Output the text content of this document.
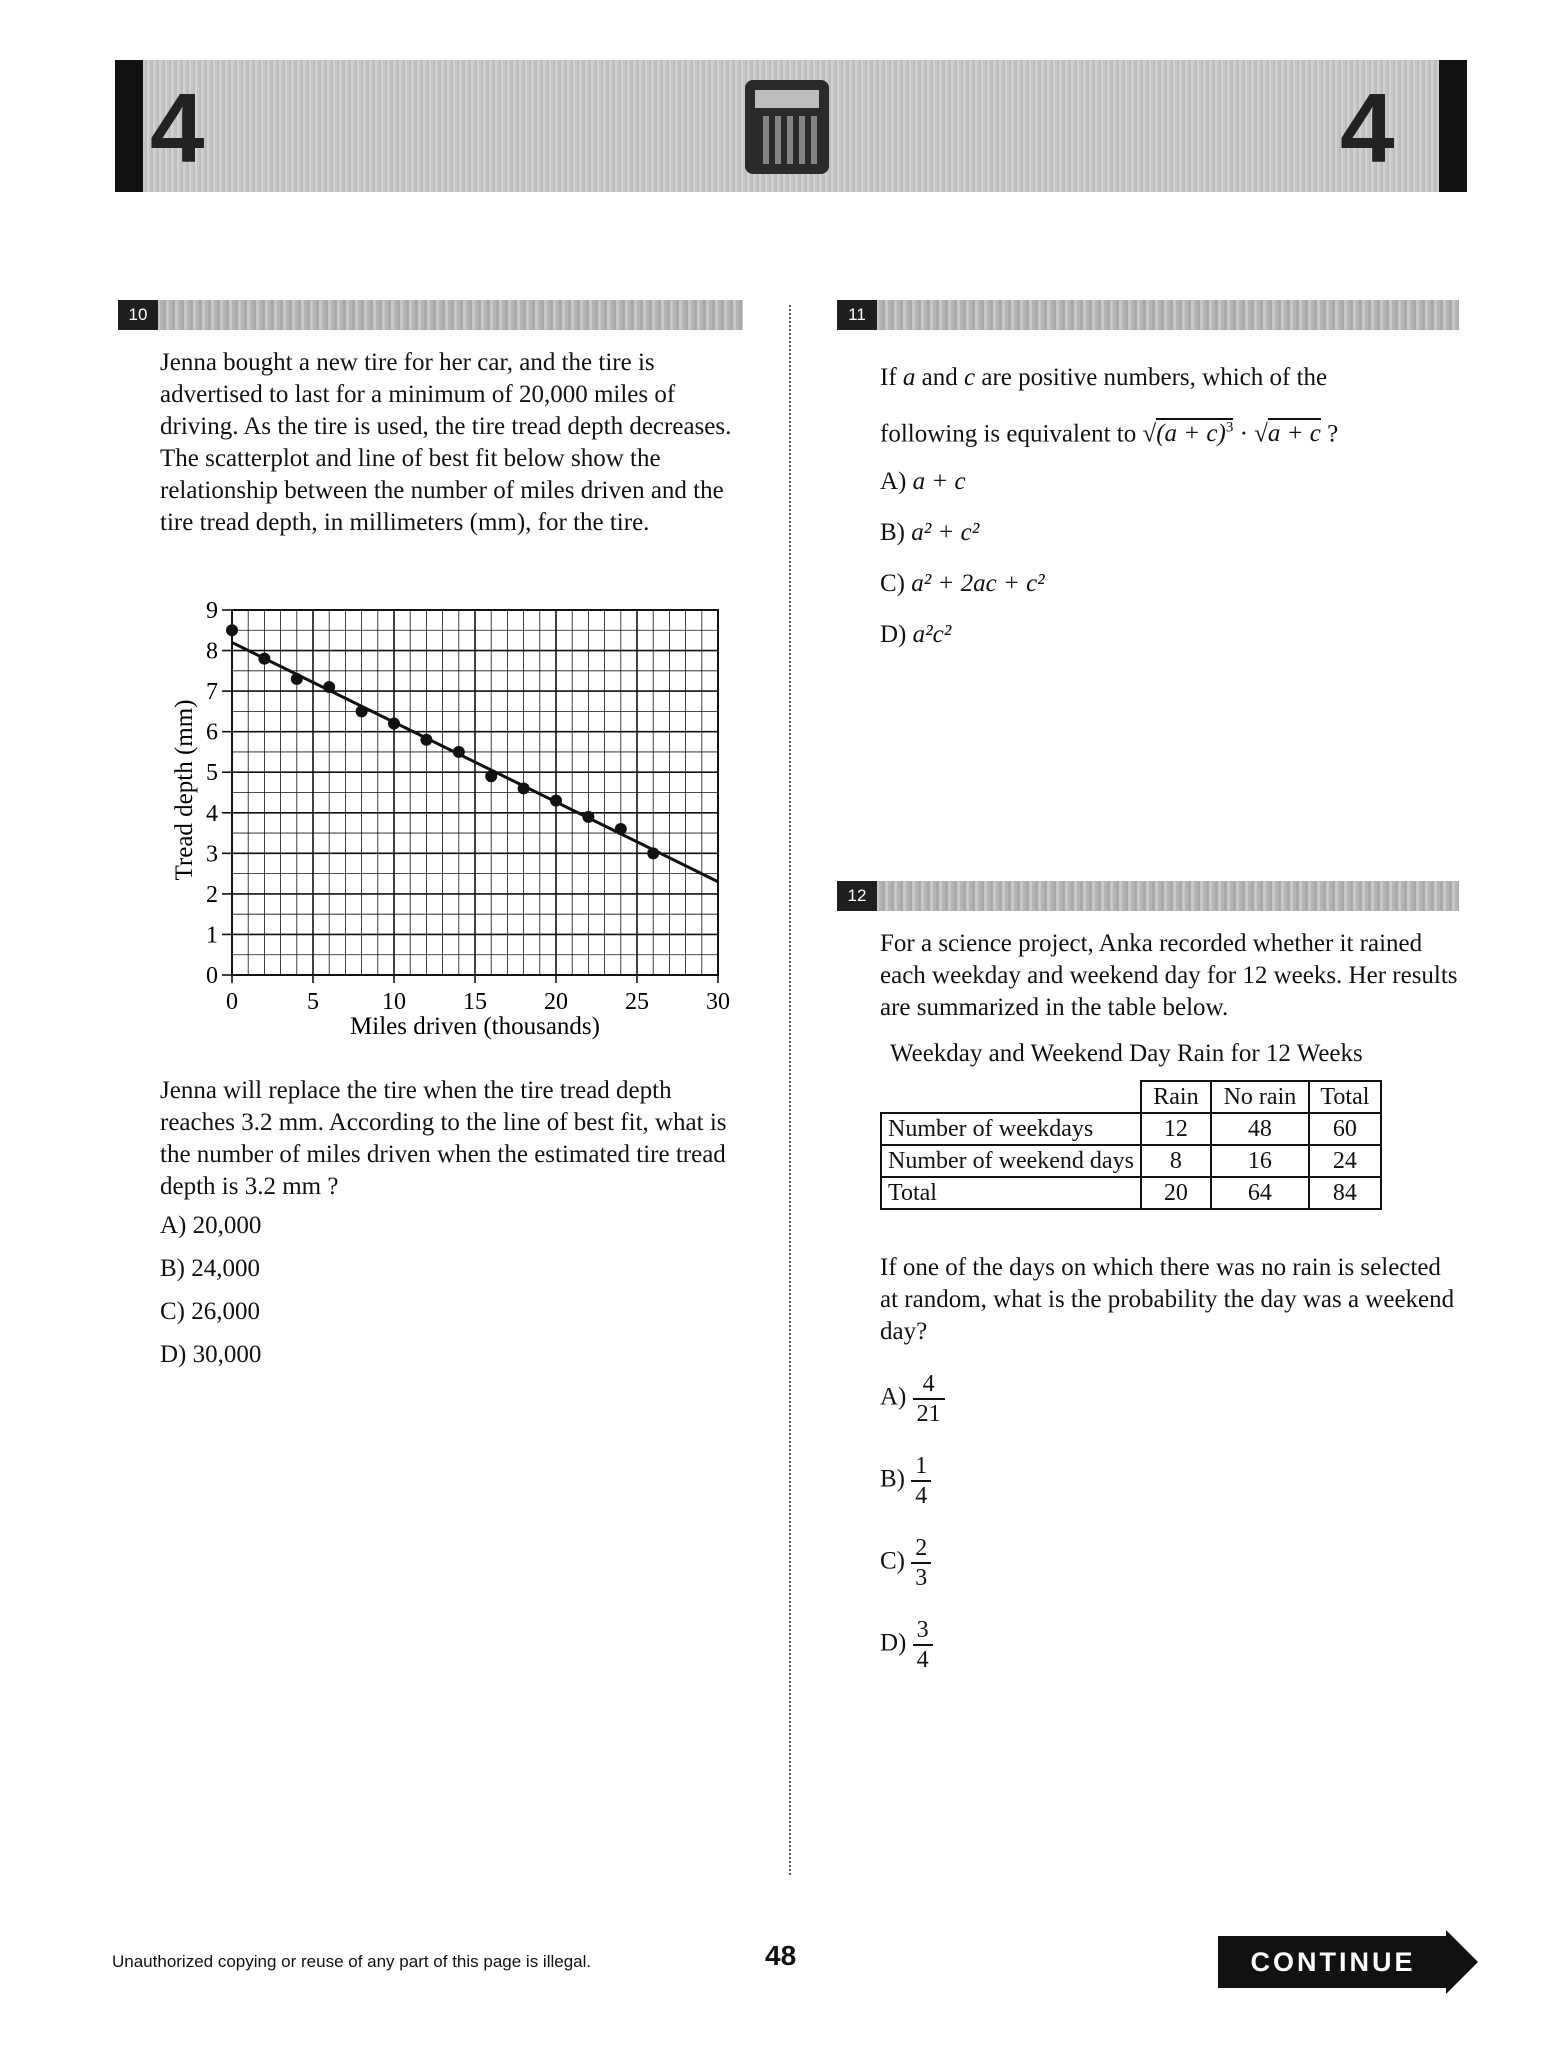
4	4
10
Jenna bought a new tire for her car, and the tire is advertised to last for a minimum of 20,000 miles of driving. As the tire is used, the tire tread depth decreases. The scatterplot and line of best fit below show the relationship between the number of miles driven and the tire tread depth, in millimeters (mm), for the tire.
0
1
2
3
4
5
6
7
8
9
0	5	10 15 20 25 30
Miles driven (thousands)
Tread depth (mm)
Jenna will replace the tire when the tire tread depth reaches 3.2 mm. According to the line of best fit, what is the number of miles driven when the estimated tire tread depth is 3.2 mm ?
A) 20,000
B) 24,000
C) 26,000
D) 30,000
11
If a and c are positive numbers, which of the
following is equivalent to $√(a + c)^3 \cdot √a + c$ ?
A) a + c
B) a² + c²
C) a² + 2ac + c²
D) a²c²
12
For a science project, Anka recorded whether it rained each weekday and weekend day for 12 weeks. Her results are summarized in the table below.
Weekday and Weekend Day Rain for 12 Weeks
	Rain	No rain	Total
Number of weekdays	12	48	60
Number of weekend days	8	16	24
Total	20	64	84
If one of the days on which there was no rain is selected at random, what is the probability the day was a weekend day?
$A) \frac{4}{21}$
$B) \frac{1}{4}$
$C) \frac{2}{3}$
$D) \frac{3}{4}$
Unauthorized copying or reuse of any part of this page is illegal.	48	CONTINUE
